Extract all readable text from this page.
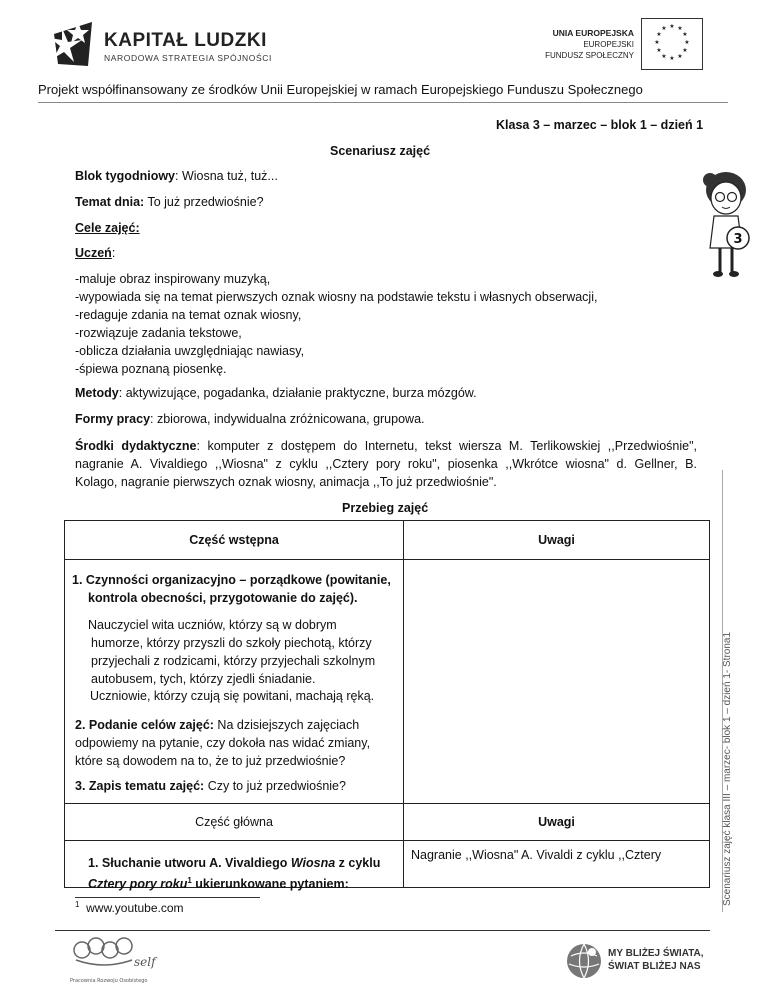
KAPITAŁ LUDZKI
NARODOWA STRATEGIA SPÓJNOŚCI
UNIA EUROPEJSKA
EUROPEJSKI
FUNDUSZ SPOŁECZNY
★ ★
★
★
★
★
★
★
★
★
★
★
Projekt współfinansowany ze środków Unii Europejskiej w ramach Europejskiego Funduszu Społecznego
Klasa 3 – marzec – blok 1 – dzień 1
Scenariusz zajęć
Blok tygodniowy: Wiosna tuż, tuż...
Temat dnia: To już przedwiośnie?
Cele zajęć:
Uczeń:
-maluje obraz inspirowany muzyką,
-wypowiada się na temat pierwszych oznak wiosny na podstawie tekstu i własnych obserwacji,
-redaguje zdania na temat oznak wiosny,
-rozwiązuje zadania tekstowe,
-oblicza działania uwzględniając nawiasy,
-śpiewa poznaną piosenkę.
Metody: aktywizujące, pogadanka, działanie praktyczne, burza mózgów.
Formy pracy: zbiorowa, indywidualna zróżnicowana, grupowa.
Środki dydaktyczne: komputer z dostępem do Internetu, tekst wiersza M. Terlikowskiej ,,Przedwiośnie",
nagranie A. Vivaldiego ,,Wiosna" z cyklu ,,Cztery pory roku", piosenka ,,Wkrótce wiosna" d. Gellner, B.
Kolago, nagranie pierwszych oznak wiosny, animacja ,,To już przedwiośnie".
Przebieg zajęć
3
Część wstępna	Uwagi
1. Czynności organizacyjno – porządkowe (powitanie,
kontrola obecności, przygotowanie do zajęć).
Nauczyciel wita uczniów, którzy są w dobrym
humorze, którzy przyszli do szkoły piechotą, którzy
przyjechali z rodzicami, którzy przyjechali szkolnym
autobusem, tych, którzy zjedli śniadanie.
Uczniowie, którzy czują się powitani, machają ręką.
2. Podanie celów zajęć: Na dzisiejszych zajęciach
odpowiemy na pytanie, czy dokoła nas widać zmiany,
które są dowodem na to, że to już przedwiośnie?
3. Zapis tematu zajęć: Czy to już przedwiośnie?
Część główna	Uwagi
1. Słuchanie utworu A. Vivaldiego Wiosna z cyklu
Cztery pory roku$^1$ ukierunkowane pytaniem:
Nagranie ,,Wiosna" A. Vivaldi z cyklu ,,Cztery
$^1$ www.youtube.com
Scenariusz zajęć klasa III – marzec- blok 1 – dzień 1- Strona1
self
Pracownia Rozwoju Osobistego
MY BLIŻEJ ŚWIATA,
ŚWIAT BLIŻEJ NAS
